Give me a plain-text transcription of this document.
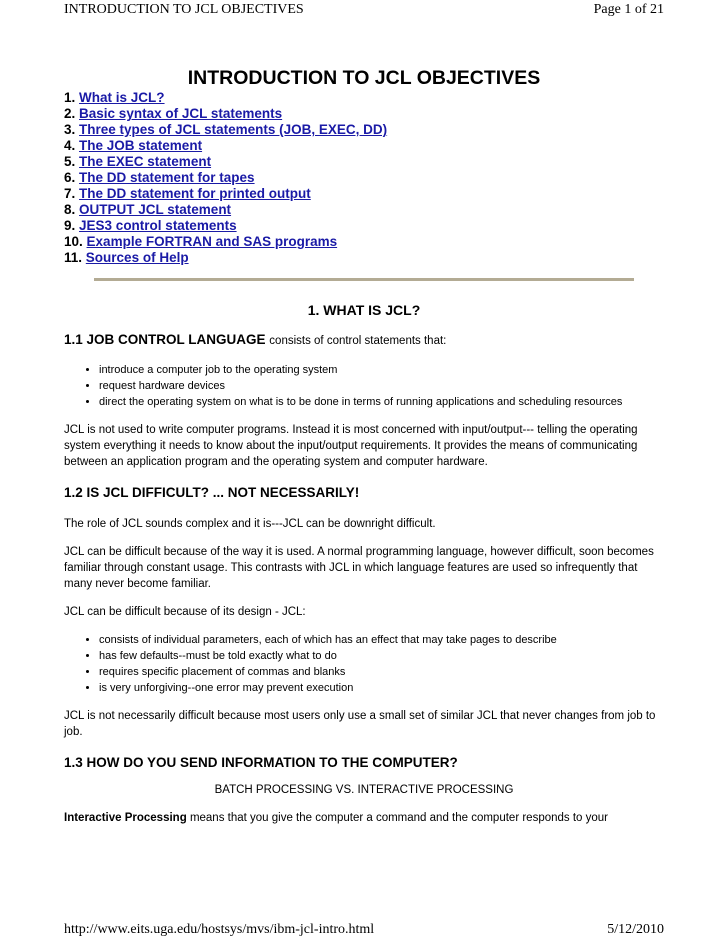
INTRODUCTION TO JCL OBJECTIVES	Page 1 of 21
INTRODUCTION TO JCL OBJECTIVES
1. What is JCL?
2. Basic syntax of JCL statements
3. Three types of JCL statements (JOB, EXEC, DD)
4. The JOB statement
5. The EXEC statement
6. The DD statement for tapes
7. The DD statement for printed output
8. OUTPUT JCL statement
9. JES3 control statements
10. Example FORTRAN and SAS programs
11. Sources of Help
1. WHAT IS JCL?
1.1 JOB CONTROL LANGUAGE consists of control statements that:
• introduce a computer job to the operating system
• request hardware devices
• direct the operating system on what is to be done in terms of running applications and scheduling resources

JCL is not used to write computer programs. Instead it is most concerned with input/output--- telling the operating system everything it needs to know about the input/output requirements. It provides the means of communicating between an application program and the operating system and computer hardware.

1.2 IS JCL DIFFICULT? ... NOT NECESSARILY!

The role of JCL sounds complex and it is---JCL can be downright difficult.

JCL can be difficult because of the way it is used. A normal programming language, however difficult, soon becomes familiar through constant usage. This contrasts with JCL in which language features are used so infrequently that many never become familiar.

JCL can be difficult because of its design - JCL:

• consists of individual parameters, each of which has an effect that may take pages to describe
• has few defaults--must be told exactly what to do
• requires specific placement of commas and blanks
• is very unforgiving--one error may prevent execution

JCL is not necessarily difficult because most users only use a small set of similar JCL that never changes from job to job.

1.3 HOW DO YOU SEND INFORMATION TO THE COMPUTER?
BATCH PROCESSING VS. INTERACTIVE PROCESSING

Interactive Processing means that you give the computer a command and the computer responds to your

http://www.eits.uga.edu/hostsys/mvs/ibm-jcl-intro.html	5/12/2010
